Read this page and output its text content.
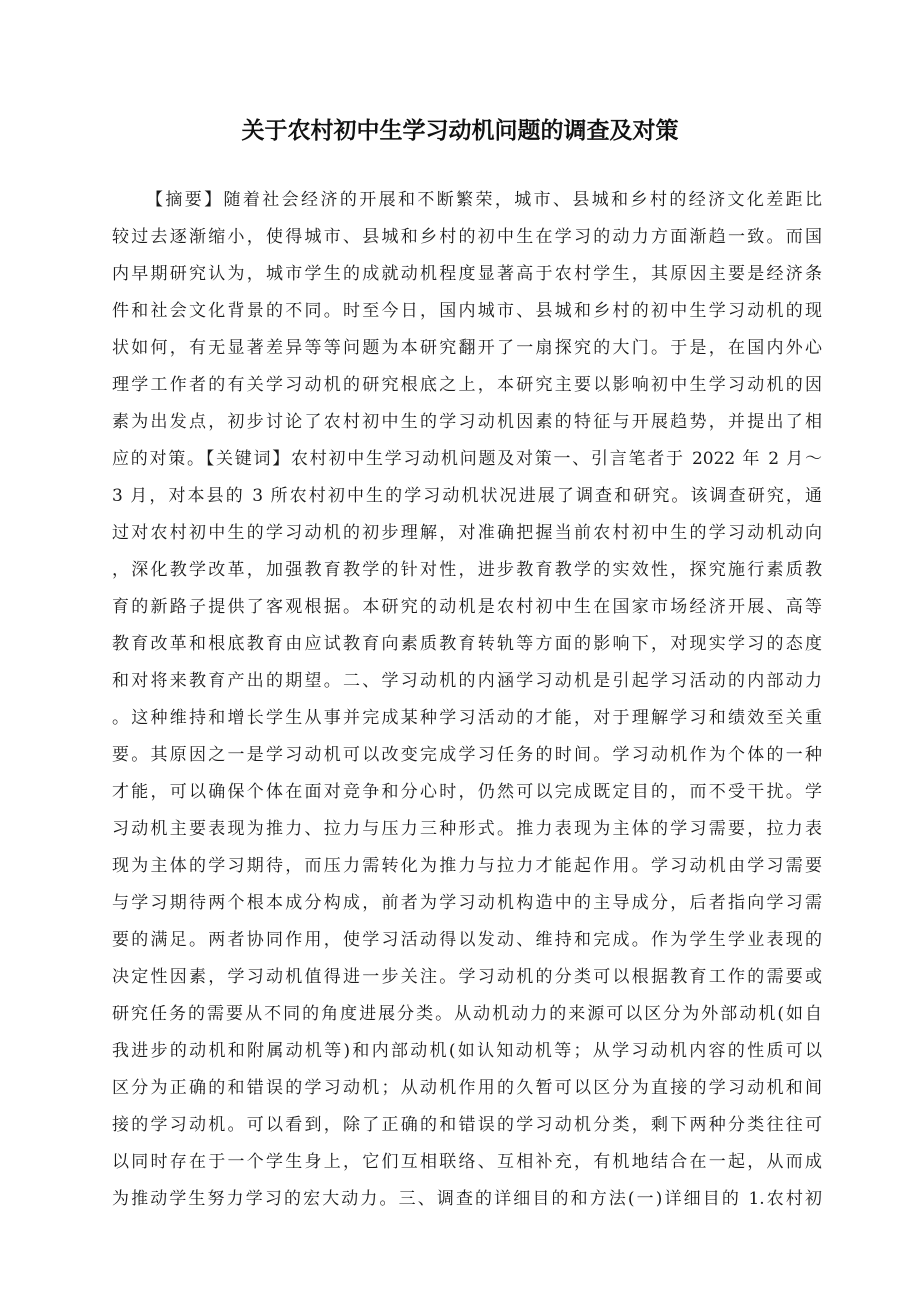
关于农村初中生学习动机问题的调查及对策
【摘要】随着社会经济的开展和不断繁荣，城市、县城和乡村的经济文化差距比
较过去逐渐缩小，使得城市、县城和乡村的初中生在学习的动力方面渐趋一致。而国
内早期研究认为，城市学生的成就动机程度显著高于农村学生，其原因主要是经济条
件和社会文化背景的不同。时至今日，国内城市、县城和乡村的初中生学习动机的现
状如何，有无显著差异等等问题为本研究翻开了一扇探究的大门。于是，在国内外心
理学工作者的有关学习动机的研究根底之上，本研究主要以影响初中生学习动机的因
素为出发点，初步讨论了农村初中生的学习动机因素的特征与开展趋势，并提出了相
应的对策。【关键词】农村初中生学习动机问题及对策一、引言笔者于 2022 年 2 月～
3 月，对本县的 3 所农村初中生的学习动机状况进展了调查和研究。该调查研究，通
过对农村初中生的学习动机的初步理解，对准确把握当前农村初中生的学习动机动向
，深化教学改革，加强教育教学的针对性，进步教育教学的实效性，探究施行素质教
育的新路子提供了客观根据。本研究的动机是农村初中生在国家市场经济开展、高等
教育改革和根底教育由应试教育向素质教育转轨等方面的影响下，对现实学习的态度
和对将来教育产出的期望。二、学习动机的内涵学习动机是引起学习活动的内部动力
。这种维持和增长学生从事并完成某种学习活动的才能，对于理解学习和绩效至关重
要。其原因之一是学习动机可以改变完成学习任务的时间。学习动机作为个体的一种
才能，可以确保个体在面对竞争和分心时，仍然可以完成既定目的，而不受干扰。学
习动机主要表现为推力、拉力与压力三种形式。推力表现为主体的学习需要，拉力表
现为主体的学习期待，而压力需转化为推力与拉力才能起作用。学习动机由学习需要
与学习期待两个根本成分构成，前者为学习动机构造中的主导成分，后者指向学习需
要的满足。两者协同作用，使学习活动得以发动、维持和完成。作为学生学业表现的
决定性因素，学习动机值得进一步关注。学习动机的分类可以根据教育工作的需要或
研究任务的需要从不同的角度进展分类。从动机动力的来源可以区分为外部动机(如自
我进步的动机和附属动机等)和内部动机(如认知动机等；从学习动机内容的性质可以
区分为正确的和错误的学习动机；从动机作用的久暂可以区分为直接的学习动机和间
接的学习动机。可以看到，除了正确的和错误的学习动机分类，剩下两种分类往往可
以同时存在于一个学生身上，它们互相联络、互相补充，有机地结合在一起，从而成
为推动学生努力学习的宏大动力。三、调查的详细目的和方法(一)详细目的 1.农村初
